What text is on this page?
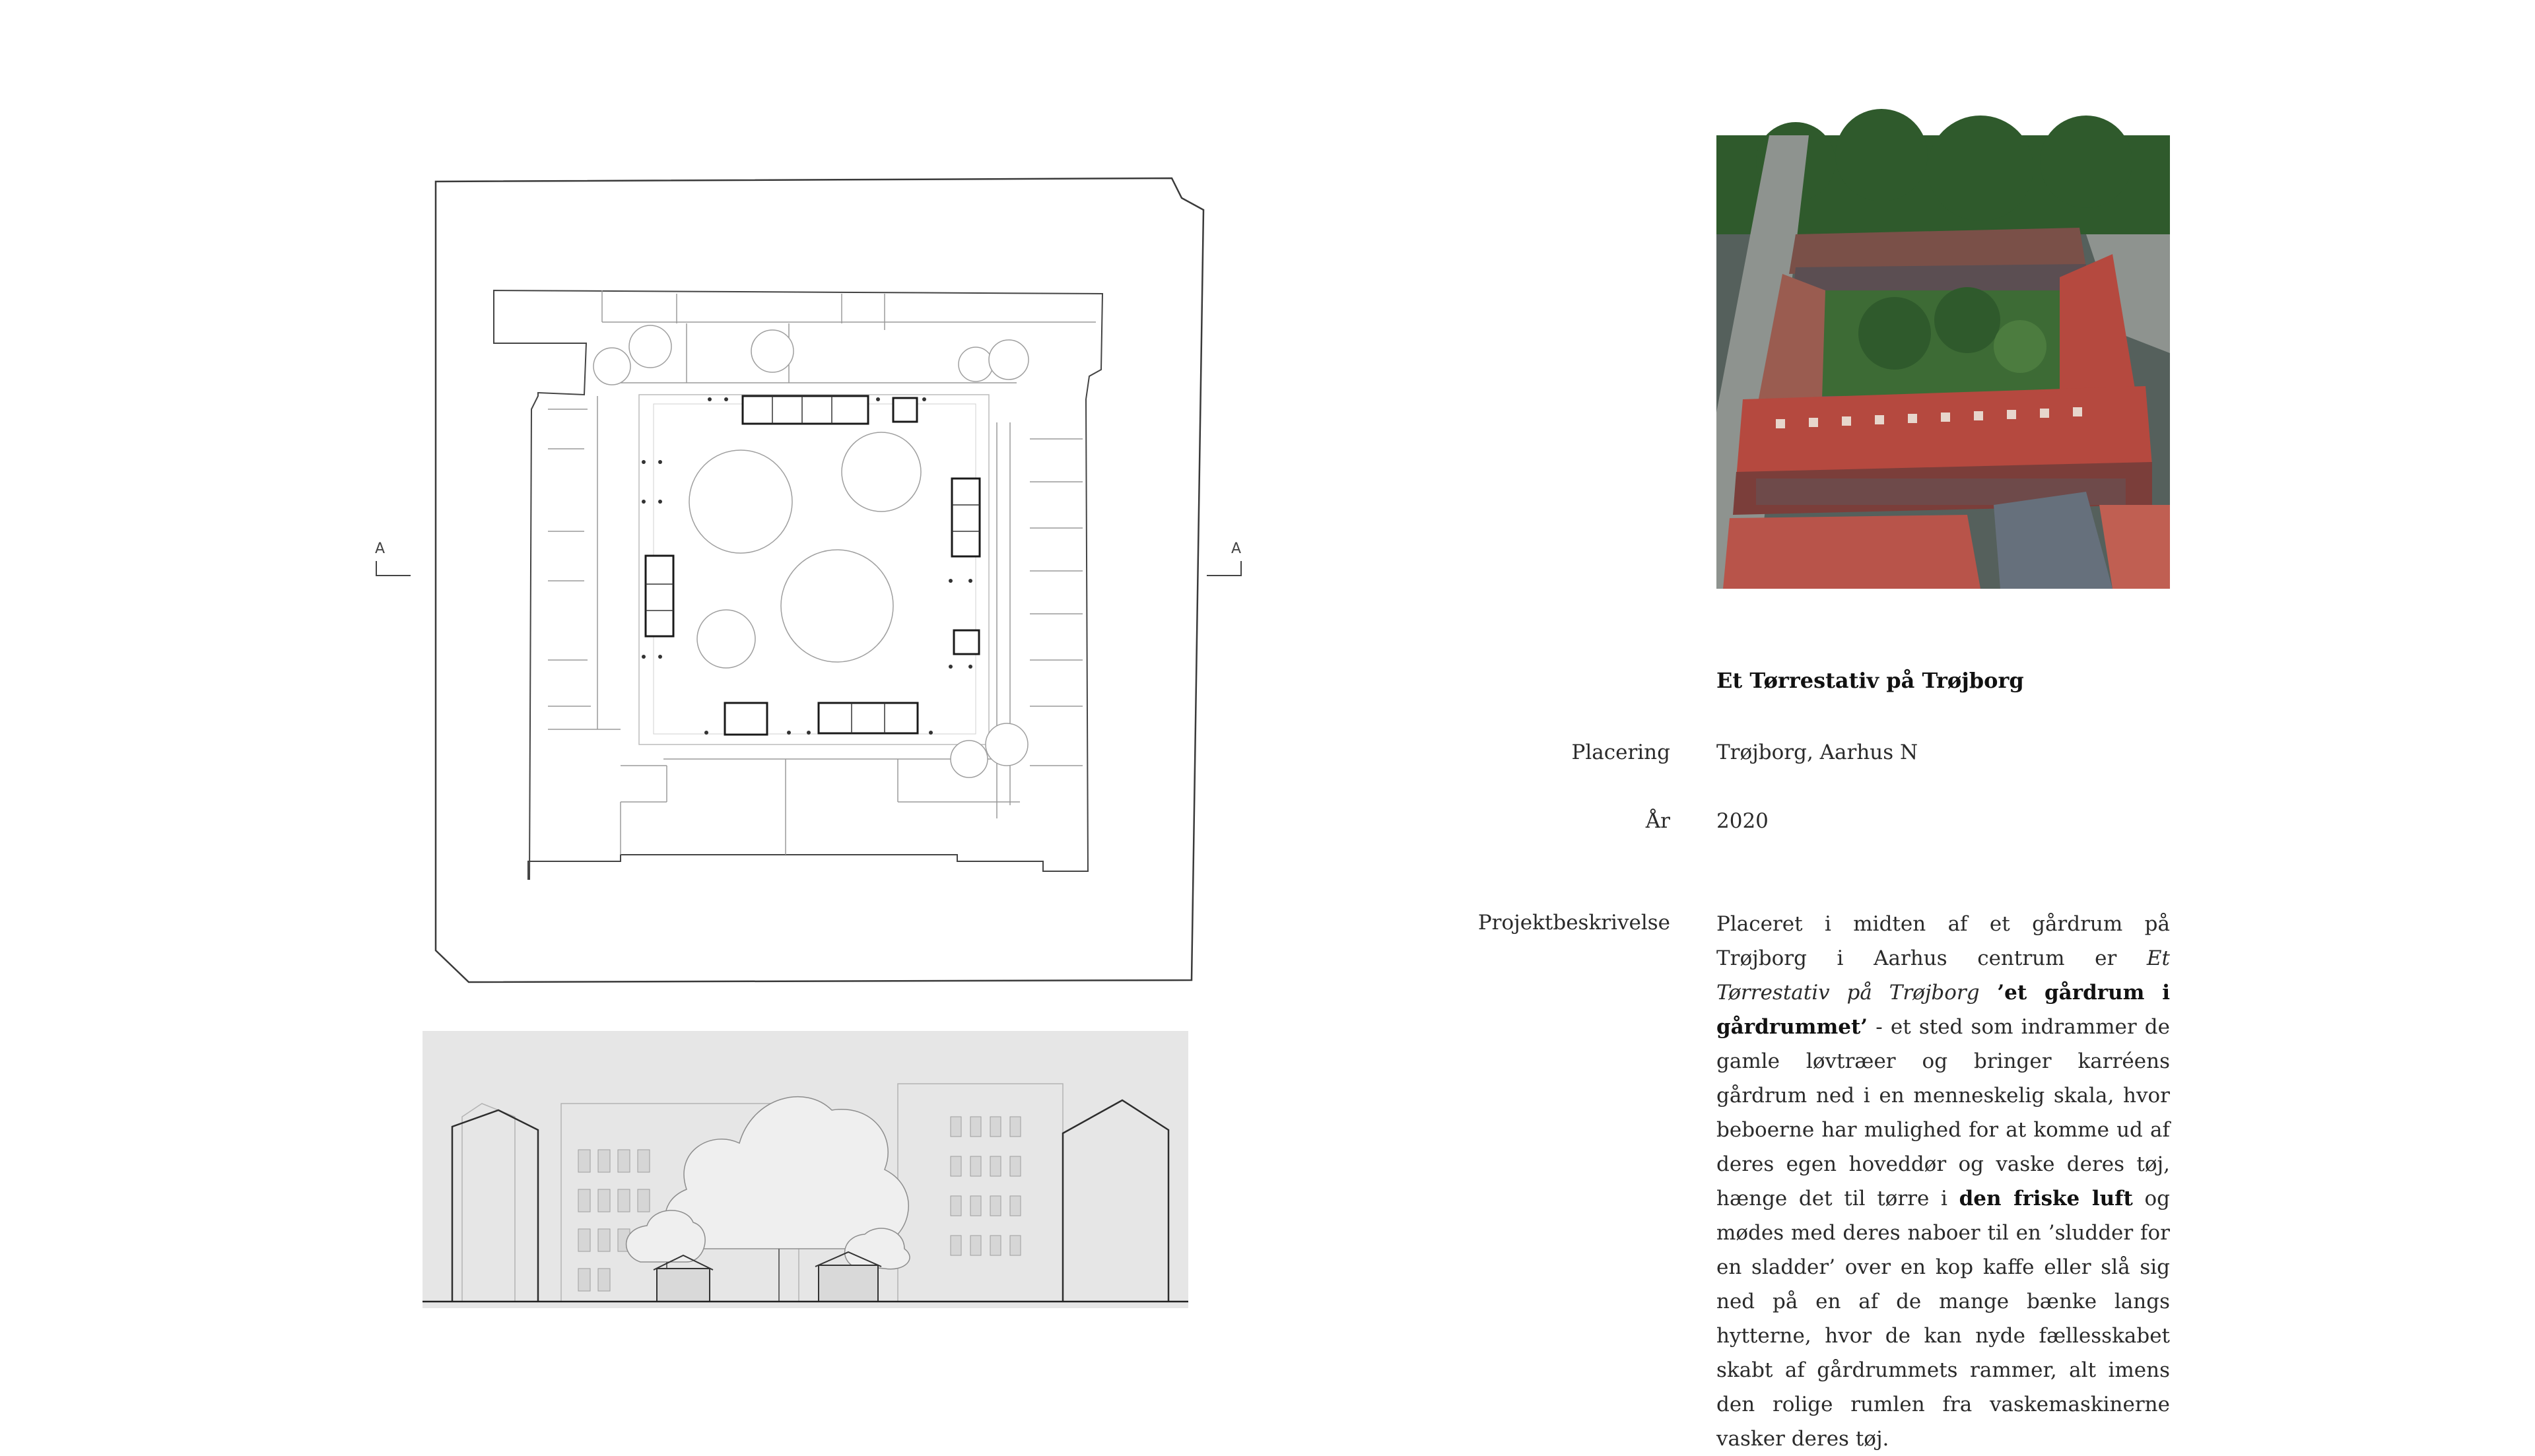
A	A
Et Tørrestativ på Trøjborg
Placering Trøjborg, Aarhus N
År 2020
Projektbeskrivelse Placeret i midten af et gårdrum på Trøjborg i Aarhus centrum er Et Tørrestativ på Trøjborg ’et gårdrum i gårdrummet’ - et sted som indrammer de gamle løvtræer og bringer karréens gårdrum ned i en menneskelig skala, hvor beboerne har mulighed for at komme ud af deres egen hoveddør og vaske deres tøj, hænge det til tørre i den friske luft og mødes med deres naboer til en ’sludder for en sladder’ over en kop kaffe eller slå sig ned på en af de mange bænke langs hytterne, hvor de kan nyde fællesskabet skabt af gårdrummets rammer, alt imens den rolige rumlen fra vaskemaskinerne vasker deres tøj.
